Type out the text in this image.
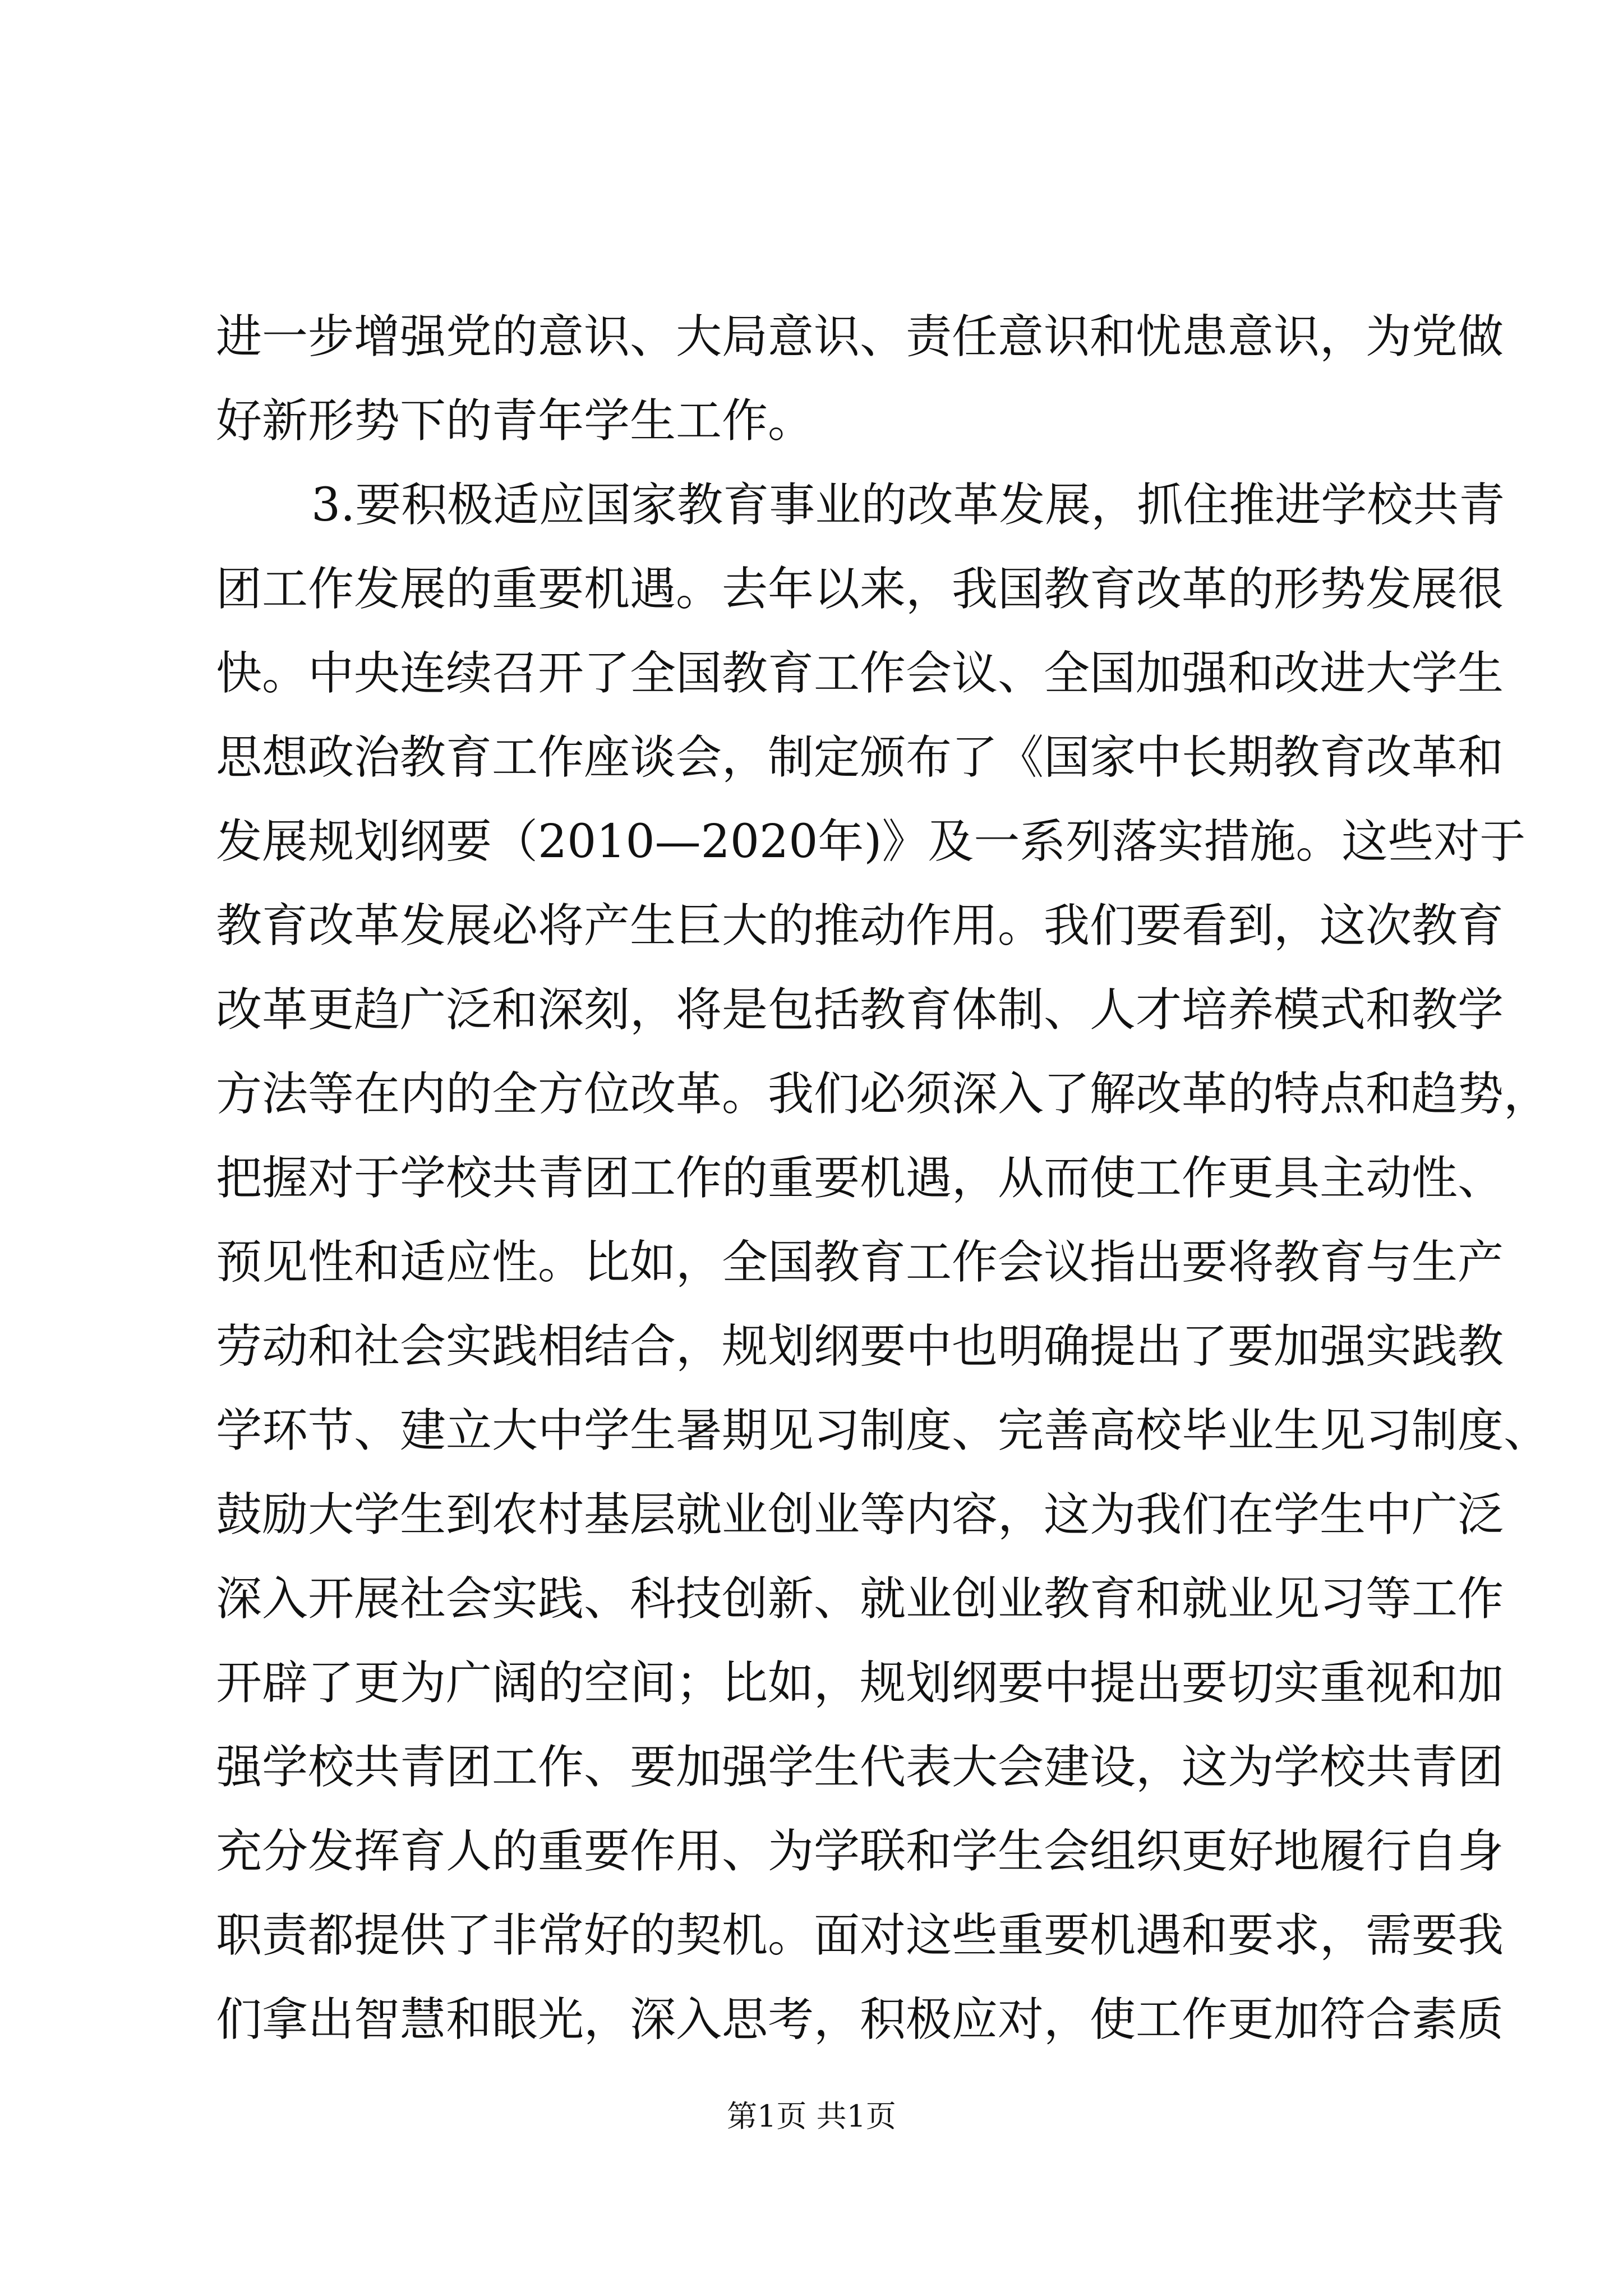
进一步增强党的意识、大局意识、责任意识和忧患意识，为党做
好新形势下的青年学生工作。
3.要积极适应国家教育事业的改革发展，抓住推进学校共青
团工作发展的重要机遇。去年以来，我国教育改革的形势发展很
快。中央连续召开了全国教育工作会议、全国加强和改进大学生
思想政治教育工作座谈会，制定颁布了《国家中长期教育改革和
发展规划纲要（2010—2020年)》及一系列落实措施。这些对于
教育改革发展必将产生巨大的推动作用。我们要看到，这次教育
改革更趋广泛和深刻，将是包括教育体制、人才培养模式和教学
方法等在内的全方位改革。我们必须深入了解改革的特点和趋势，
把握对于学校共青团工作的重要机遇，从而使工作更具主动性、
预见性和适应性。比如，全国教育工作会议指出要将教育与生产
劳动和社会实践相结合，规划纲要中也明确提出了要加强实践教
学环节、建立大中学生暑期见习制度、完善高校毕业生见习制度、
鼓励大学生到农村基层就业创业等内容，这为我们在学生中广泛
深入开展社会实践、科技创新、就业创业教育和就业见习等工作
开辟了更为广阔的空间；比如，规划纲要中提出要切实重视和加
强学校共青团工作、要加强学生代表大会建设，这为学校共青团
充分发挥育人的重要作用、为学联和学生会组织更好地履行自身
职责都提供了非常好的契机。面对这些重要机遇和要求，需要我
们拿出智慧和眼光，深入思考，积极应对，使工作更加符合素质
第1页 共1页
